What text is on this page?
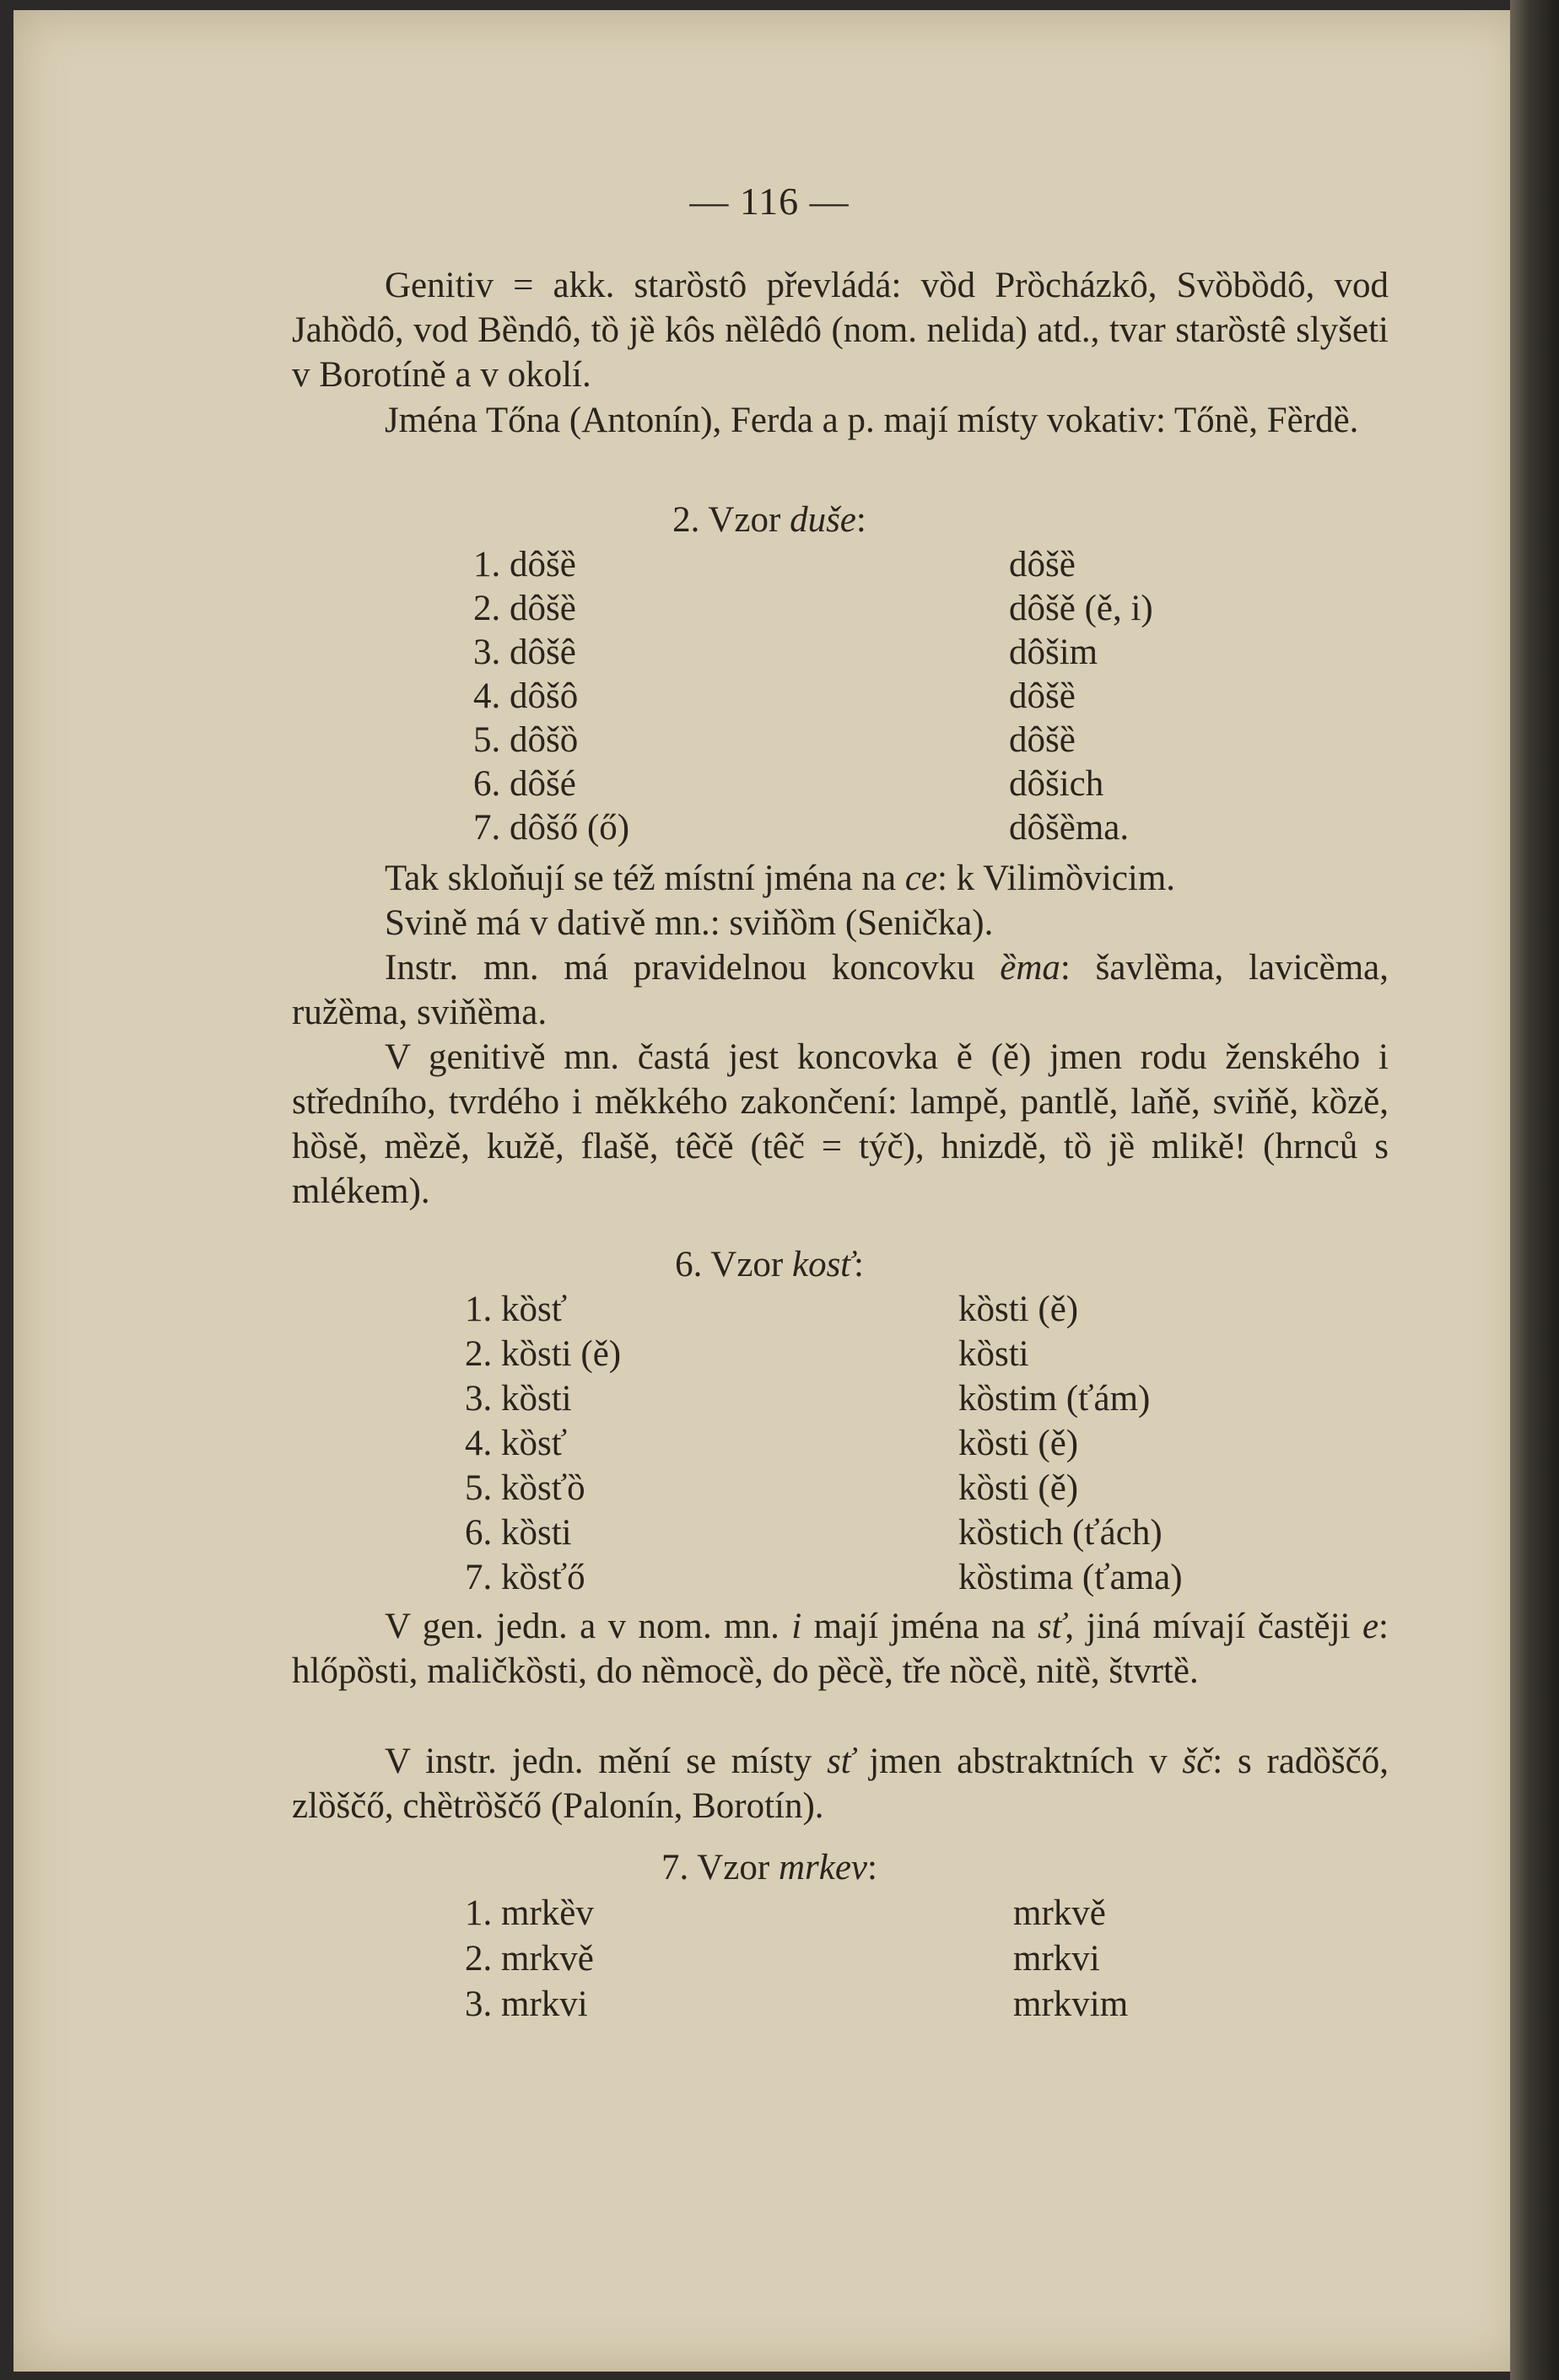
— 116 —
Genitiv = akk. starȍstô převládá: vȍd Prȍcházkô, Svȍbȍdô, vod Jahȍdô, vod Bȅndô, tȍ jȅ kôs nȅlêdô (nom. nelida) atd., tvar starȍstê slyšeti v Borotíně a v okolí.
Jména Tőna (Antonín), Ferda a p. mají místy vokativ: Tőnȅ, Fȅrdȅ.
2. Vzor duše:
1. dôšȅ	dôšȅ
2. dôšȅ	dôšě (ě, i)
3. dôšê	dôšim
4. dôšô	dôšȅ
5. dôšȍ	dôšȅ
6. dôšé	dôšich
7. dôšő (ő)	dôšȅma.
Tak skloňují se též místní jména na ce: k Vilimȍvicim.
Svině má v dativě mn.: sviňȍm (Senička).
Instr. mn. má pravidelnou koncovku ȅma: šavlȅma, lavicȅma, ružȅma, sviňȅma.
V genitivě mn. častá jest koncovka ě (ě) jmen rodu ženského i středního, tvrdého i měkkého zakončení: lampě, pantlě, laňě, sviňě, kȍzě, hȍsě, mȅzě, kužě, flašě, têčě (têč = týč), hnizdě, tȍ jȅ mlikě! (hrnců s mlékem).
6. Vzor kosť:
1. kȍsť	kȍsti (ě)
2. kȍsti (ě)	kȍsti
3. kȍsti	kȍstim (ťám)
4. kȍsť	kȍsti (ě)
5. kȍsťȍ	kȍsti (ě)
6. kȍsti	kȍstich (ťách)
7. kȍsťő	kȍstima (ťama)
V gen. jedn. a v nom. mn. i mají jména na sť, jiná mívají častěji e: hlőpȍsti, maličkȍsti, do nȅmocȅ, do pȅcȅ, tře nȍcȅ, nitȅ, štvrtȅ.
V instr. jedn. mění se místy sť jmen abstraktních v šč: s radȍščő, zlȍščő, chȅtrȍščő (Palonín, Borotín).
7. Vzor mrkev:
1. mrkȅv	mrkvě
2. mrkvě	mrkvi
3. mrkvi	mrkvim
